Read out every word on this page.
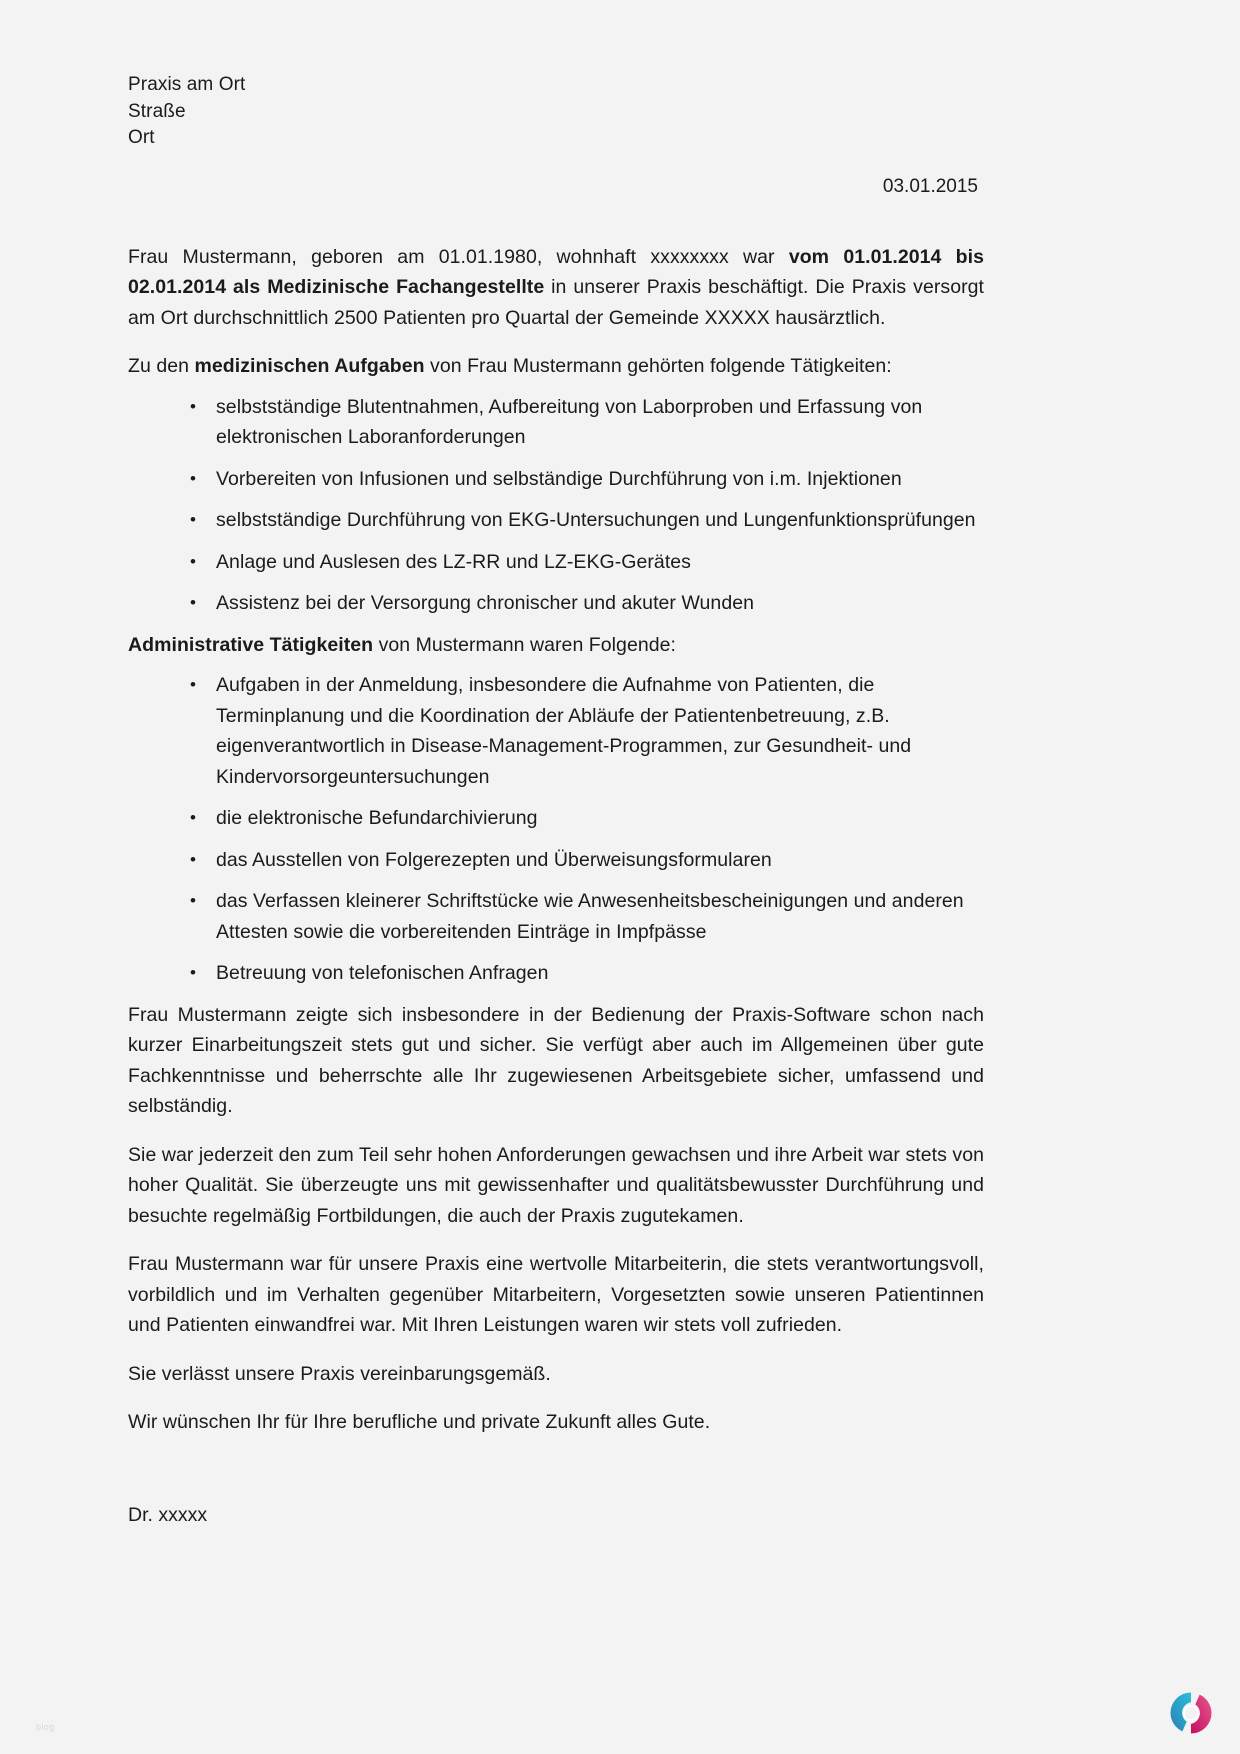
Praxis am Ort
Straße
Ort
03.01.2015

Frau Mustermann, geboren am 01.01.1980, wohnhaft xxxxxxxx war vom 01.01.2014 bis 02.01.2014 als Medizinische Fachangestellte in unserer Praxis beschäftigt. Die Praxis versorgt am Ort durchschnittlich 2500 Patienten pro Quartal der Gemeinde XXXXX hausärztlich.

Zu den medizinischen Aufgaben von Frau Mustermann gehörten folgende Tätigkeiten:

• selbstständige Blutentnahmen, Aufbereitung von Laborproben und Erfassung von elektronischen Laboranforderungen
• Vorbereiten von Infusionen und selbständige Durchführung von i.m. Injektionen
• selbstständige Durchführung von EKG-Untersuchungen und Lungenfunktionsprüfungen
• Anlage und Auslesen des LZ-RR und LZ-EKG-Gerätes
• Assistenz bei der Versorgung chronischer und akuter Wunden

Administrative Tätigkeiten von Mustermann waren Folgende:

• Aufgaben in der Anmeldung, insbesondere die Aufnahme von Patienten, die Terminplanung und die Koordination der Abläufe der Patientenbetreuung, z.B. eigenverantwortlich in Disease-Management-Programmen, zur Gesundheit- und Kindervorsorgeuntersuchungen
• die elektronische Befundarchivierung
• das Ausstellen von Folgerezepten und Überweisungsformularen
• das Verfassen kleinerer Schriftstücke wie Anwesenheitsbescheinigungen und anderen Attesten sowie die vorbereitenden Einträge in Impfpässe
• Betreuung von telefonischen Anfragen

Frau Mustermann zeigte sich insbesondere in der Bedienung der Praxis-Software schon nach kurzer Einarbeitungszeit stets gut und sicher. Sie verfügt aber auch im Allgemeinen über gute Fachkenntnisse und beherrschte alle Ihr zugewiesenen Arbeitsgebiete sicher, umfassend und selbständig.

Sie war jederzeit den zum Teil sehr hohen Anforderungen gewachsen und ihre Arbeit war stets von hoher Qualität. Sie überzeugte uns mit gewissenhafter und qualitätsbewusster Durchführung und besuchte regelmäßig Fortbildungen, die auch der Praxis zugutekamen.

Frau Mustermann war für unsere Praxis eine wertvolle Mitarbeiterin, die stets verantwortungsvoll, vorbildlich und im Verhalten gegenüber Mitarbeitern, Vorgesetzten sowie unseren Patientinnen und Patienten einwandfrei war. Mit Ihren Leistungen waren wir stets voll zufrieden.

Sie verlässt unsere Praxis vereinbarungsgemäß.

Wir wünschen Ihr für Ihre berufliche und private Zukunft alles Gute.

Dr. xxxxx
blog
